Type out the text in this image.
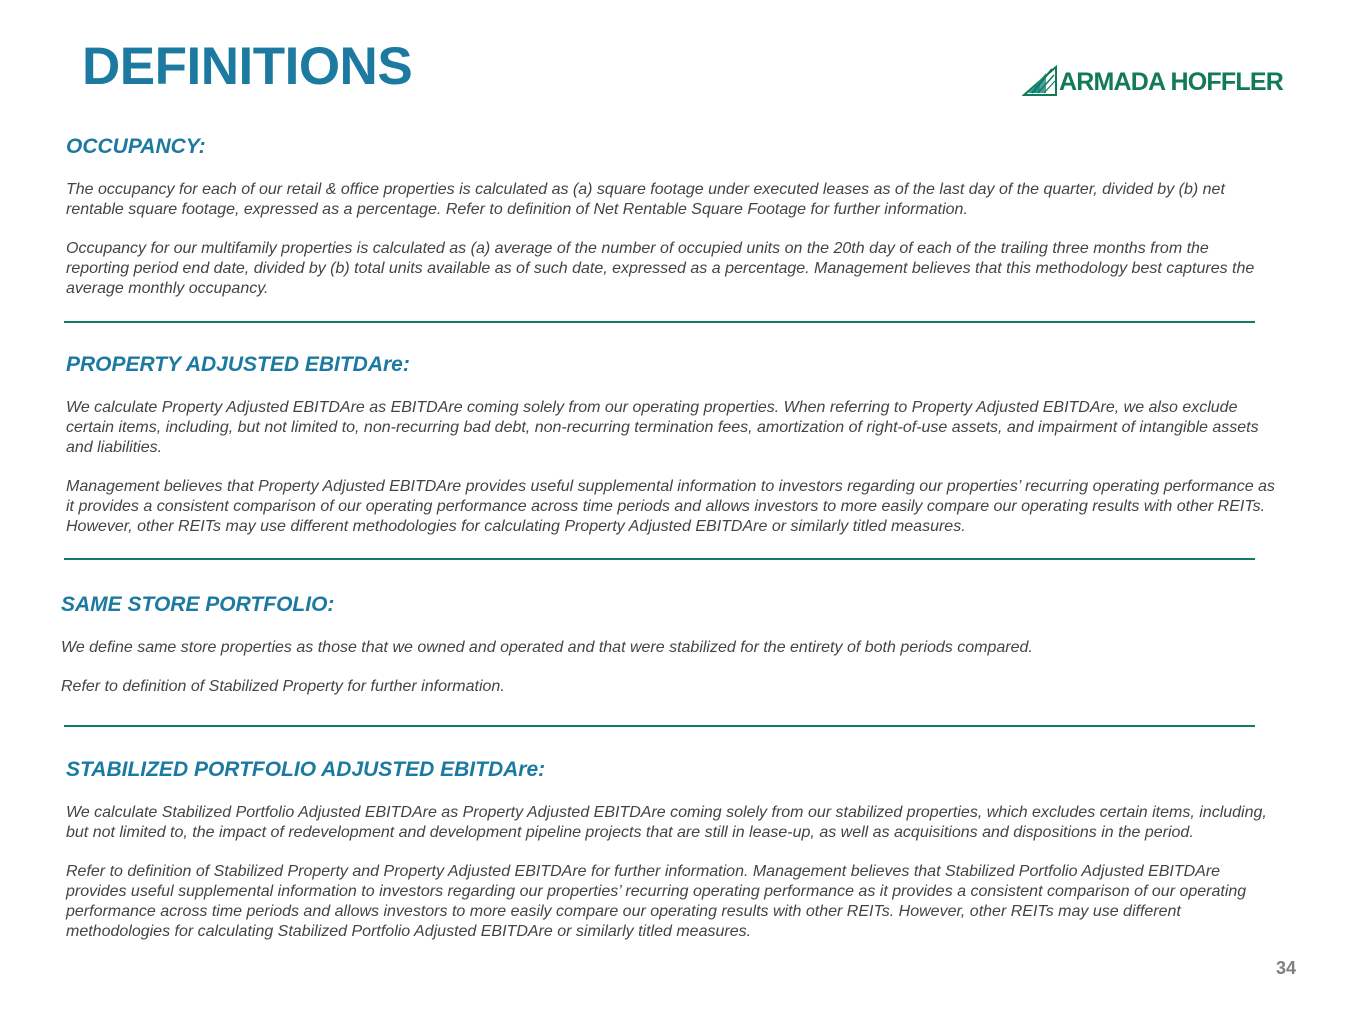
DEFINITIONS	ARMADA HOFFLER
OCCUPANCY:

The occupancy for each of our retail & office properties is calculated as (a) square footage under executed leases as of the last day of the quarter, divided by (b) net rentable square footage, expressed as a percentage. Refer to definition of Net Rentable Square Footage for further information.

Occupancy for our multifamily properties is calculated as (a) average of the number of occupied units on the 20th day of each of the trailing three months from the reporting period end date, divided by (b) total units available as of such date, expressed as a percentage. Management believes that this methodology best captures the average monthly occupancy.

PROPERTY ADJUSTED EBITDAre:

We calculate Property Adjusted EBITDAre as EBITDAre coming solely from our operating properties. When referring to Property Adjusted EBITDAre, we also exclude certain items, including, but not limited to, non-recurring bad debt, non-recurring termination fees, amortization of right-of-use assets, and impairment of intangible assets and liabilities.

Management believes that Property Adjusted EBITDAre provides useful supplemental information to investors regarding our properties’ recurring operating performance as it provides a consistent comparison of our operating performance across time periods and allows investors to more easily compare our operating results with other REITs. However, other REITs may use different methodologies for calculating Property Adjusted EBITDAre or similarly titled measures.

SAME STORE PORTFOLIO:

We define same store properties as those that we owned and operated and that were stabilized for the entirety of both periods compared.

Refer to definition of Stabilized Property for further information.

STABILIZED PORTFOLIO ADJUSTED EBITDAre:

We calculate Stabilized Portfolio Adjusted EBITDAre as Property Adjusted EBITDAre coming solely from our stabilized properties, which excludes certain items, including, but not limited to, the impact of redevelopment and development pipeline projects that are still in lease-up, as well as acquisitions and dispositions in the period.

Refer to definition of Stabilized Property and Property Adjusted EBITDAre for further information. Management believes that Stabilized Portfolio Adjusted EBITDAre provides useful supplemental information to investors regarding our properties’ recurring operating performance as it provides a consistent comparison of our operating performance across time periods and allows investors to more easily compare our operating results with other REITs. However, other REITs may use different methodologies for calculating Stabilized Portfolio Adjusted EBITDAre or similarly titled measures.

34
